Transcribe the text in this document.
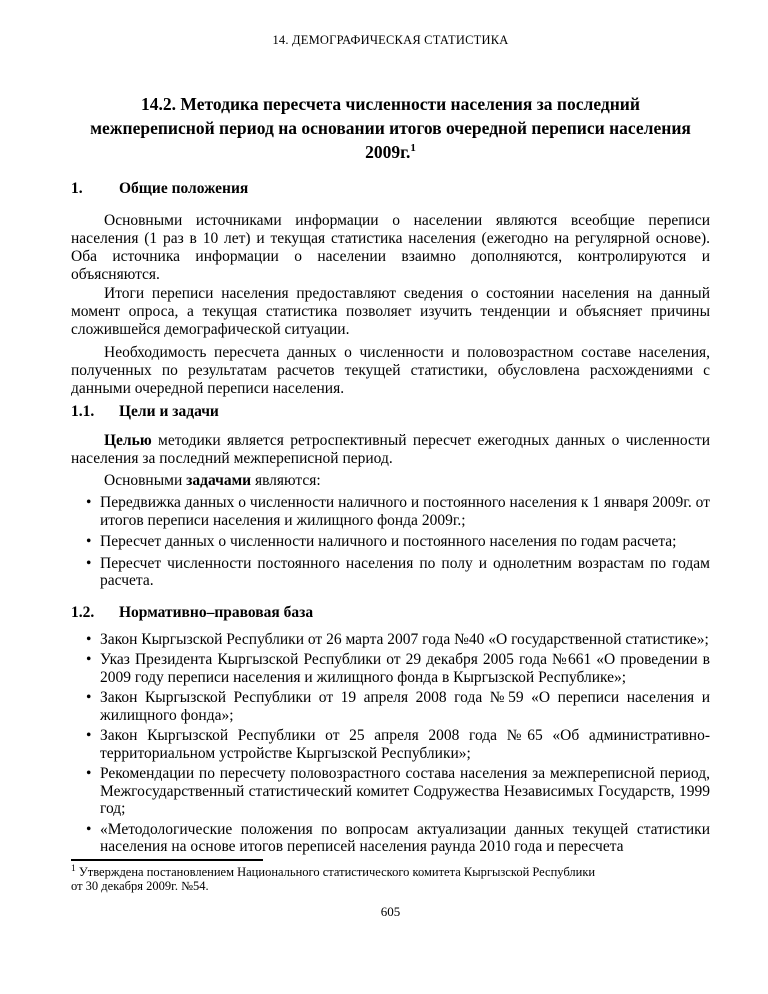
14. ДЕМОГРАФИЧЕСКАЯ СТАТИСТИКА
14.2. Методика пересчета численности населения за последний межпереписной период на основании итогов очередной переписи населения 2009г.$^1$
1.	Общие положения

Основными источниками информации о населении являются всеобщие переписи населения (1 раз в 10 лет) и текущая статистика населения (ежегодно на регулярной основе). Оба источника информации о населении взаимно дополняются, контролируются и объясняются.

Итоги переписи населения предоставляют сведения о состоянии населения на данный момент опроса, а текущая статистика позволяет изучить тенденции и объясняет причины сложившейся демографической ситуации.

Необходимость пересчета данных о численности и половозрастном составе населения, полученных по результатам расчетов текущей статистики, обусловлена расхождениями с данными очередной переписи населения.

1.1.	Цели и задачи

Целью методики является ретроспективный пересчет ежегодных данных о численности населения за последний межпереписной период.

Основными задачами являются:

• Передвижка данных о численности наличного и постоянного населения к 1 января 2009г. от итогов переписи населения и жилищного фонда 2009г.;
• Пересчет данных о численности наличного и постоянного населения по годам расчета;
• Пересчет численности постоянного населения по полу и однолетним возрастам по годам расчета.
1.2.	Нормативно–правовая база
• Закон Кыргызской Республики от 26 марта 2007 года №40 «О государственной статистике»;
• Указ Президента Кыргызской Республики от 29 декабря 2005 года №661 «О проведении в 2009 году переписи населения и жилищного фонда в Кыргызской Республике»;
• Закон Кыргызской Республики от 19 апреля 2008 года №59 «О переписи населения и жилищного фонда»;
• Закон Кыргызской Республики от 25 апреля 2008 года №65 «Об административно-территориальном устройстве Кыргызской Республики»;
• Рекомендации по пересчету половозрастного состава населения за межпереписной период, Межгосударственный статистический комитет Содружества Независимых Государств, 1999 год;
• «Методологические положения по вопросам актуализации данных текущей статистики населения на основе итогов переписей населения раунда 2010 года и пересчета
$^1$ Утверждена постановлением Национального статистического комитета Кыргызской Республики
от 30 декабря 2009г. №54.
605
